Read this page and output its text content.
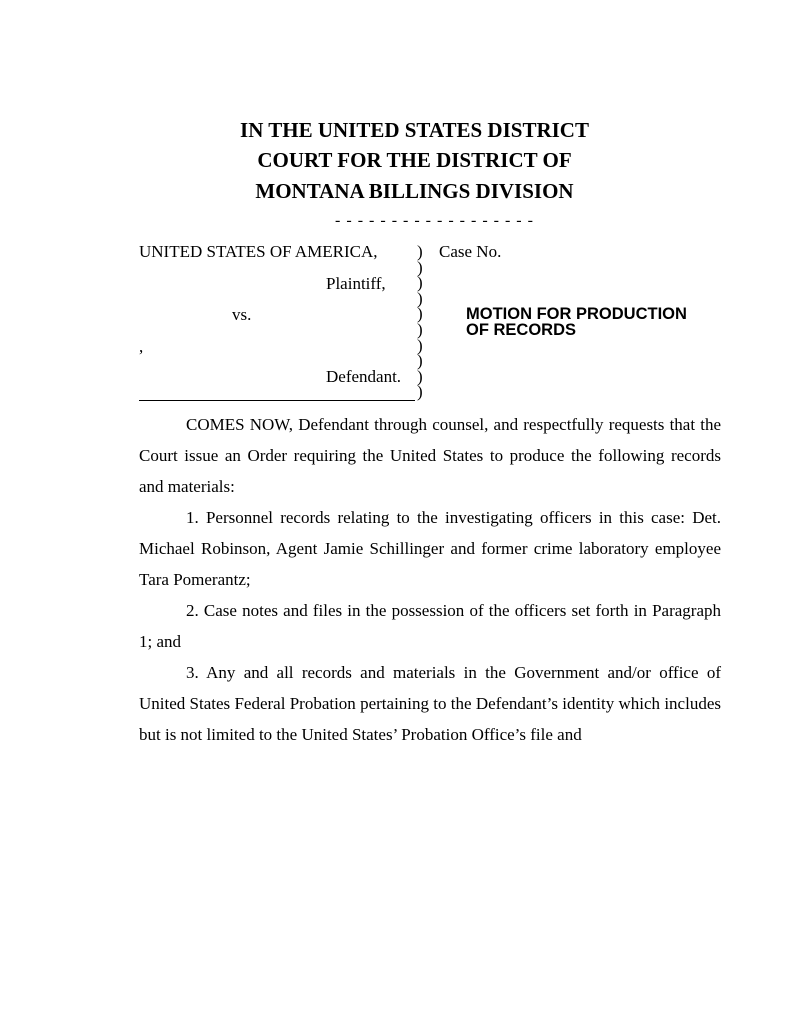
IN THE UNITED STATES DISTRICT
COURT FOR THE DISTRICT OF
MONTANA BILLINGS DIVISION
- - - - - - - - - - - - - - - - - -
UNITED STATES OF AMERICA,
Plaintiff,
vs.
,
Defendant.
)
)
)
)
)
)
)
)
)
)
Case No.
MOTION FOR PRODUCTION
OF RECORDS

COMES NOW, Defendant through counsel, and respectfully requests that the Court issue an Order requiring the United States to produce the following records and materials:

1. Personnel records relating to the investigating officers in this case: Det. Michael Robinson, Agent Jamie Schillinger and former crime laboratory employee Tara Pomerantz;

2. Case notes and files in the possession of the officers set forth in Paragraph 1; and

3. Any and all records and materials in the Government and/or office of United States Federal Probation pertaining to the Defendant’s identity which includes but is not limited to the United States’ Probation Office’s file and
